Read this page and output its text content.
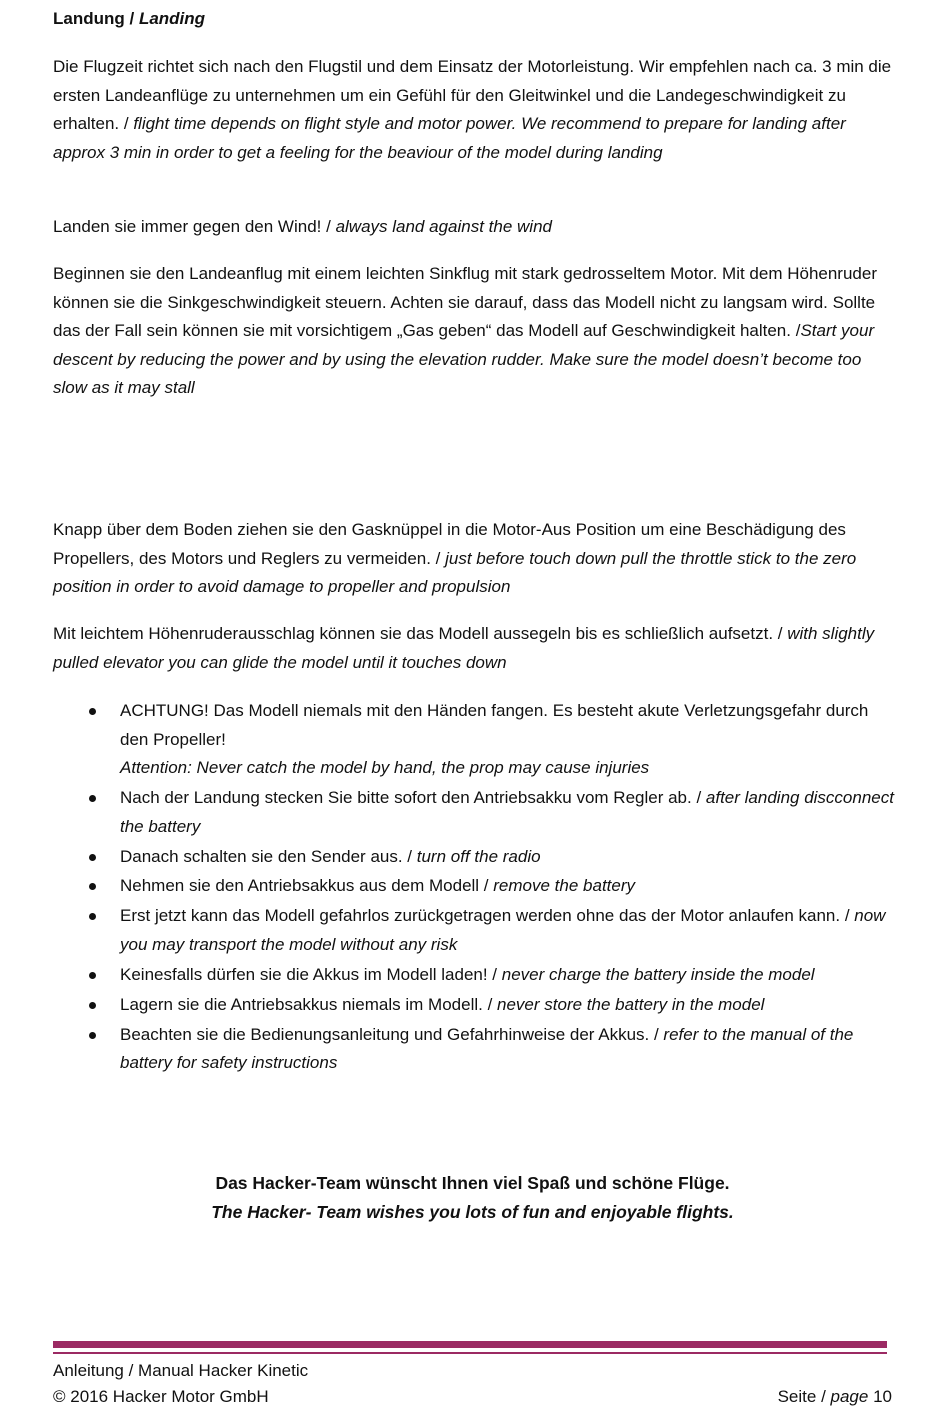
Landung / Landing
Die Flugzeit richtet sich nach den Flugstil und dem Einsatz der Motorleistung. Wir empfehlen nach ca. 3 min die ersten Landeanflüge zu unternehmen um ein Gefühl für den Gleitwinkel und die Landegeschwindigkeit zu erhalten. / flight time depends on flight style and motor power. We recommend to prepare for landing after approx 3 min in order to get a feeling for the beaviour of the model during landing
Landen sie immer gegen den Wind! / always land against the wind
Beginnen sie den Landeanflug mit einem leichten Sinkflug mit stark gedrosseltem Motor. Mit dem Höhenruder können sie die Sinkgeschwindigkeit steuern. Achten sie darauf, dass das Modell nicht zu langsam wird. Sollte das der Fall sein können sie mit vorsichtigem „Gas geben“ das Modell auf Geschwindigkeit halten. /Start your descent by reducing the power and by using the elevation rudder. Make sure the model doesn’t become too slow as it may stall
Knapp über dem Boden ziehen sie den Gasknüppel in die Motor-Aus Position um eine Beschädigung des Propellers, des Motors und Reglers zu vermeiden. / just before touch down pull the throttle stick to the zero position in order to avoid damage to propeller and propulsion
Mit leichtem Höhenruderausschlag können sie das Modell aussegeln bis es schließlich aufsetzt. / with slightly pulled elevator you can glide the model until it touches down
ACHTUNG! Das Modell niemals mit den Händen fangen. Es besteht akute Verletzungsgefahr durch den Propeller!
Attention: Never catch the model by hand, the prop may cause injuries
Nach der Landung stecken Sie bitte sofort den Antriebsakku vom Regler ab. / after landing discconnect the battery
Danach schalten sie den Sender aus. / turn off the radio
Nehmen sie den Antriebsakkus aus dem Modell / remove the battery
Erst jetzt kann das Modell gefahrlos zurückgetragen werden ohne das der Motor anlaufen kann. / now you may transport the model without any risk
Keinesfalls dürfen sie die Akkus im Modell laden! / never charge the battery inside the model
Lagern sie die Antriebsakkus niemals im Modell. / never store the battery in the model
Beachten sie die Bedienungsanleitung und Gefahrhinweise der Akkus. / refer to the manual of the battery for safety instructions
Das Hacker-Team wünscht Ihnen viel Spaß und schöne Flüge.
The Hacker- Team wishes you lots of fun and enjoyable flights.
Anleitung / Manual Hacker Kinetic
© 2016 Hacker Motor GmbH	Seite / page 10
